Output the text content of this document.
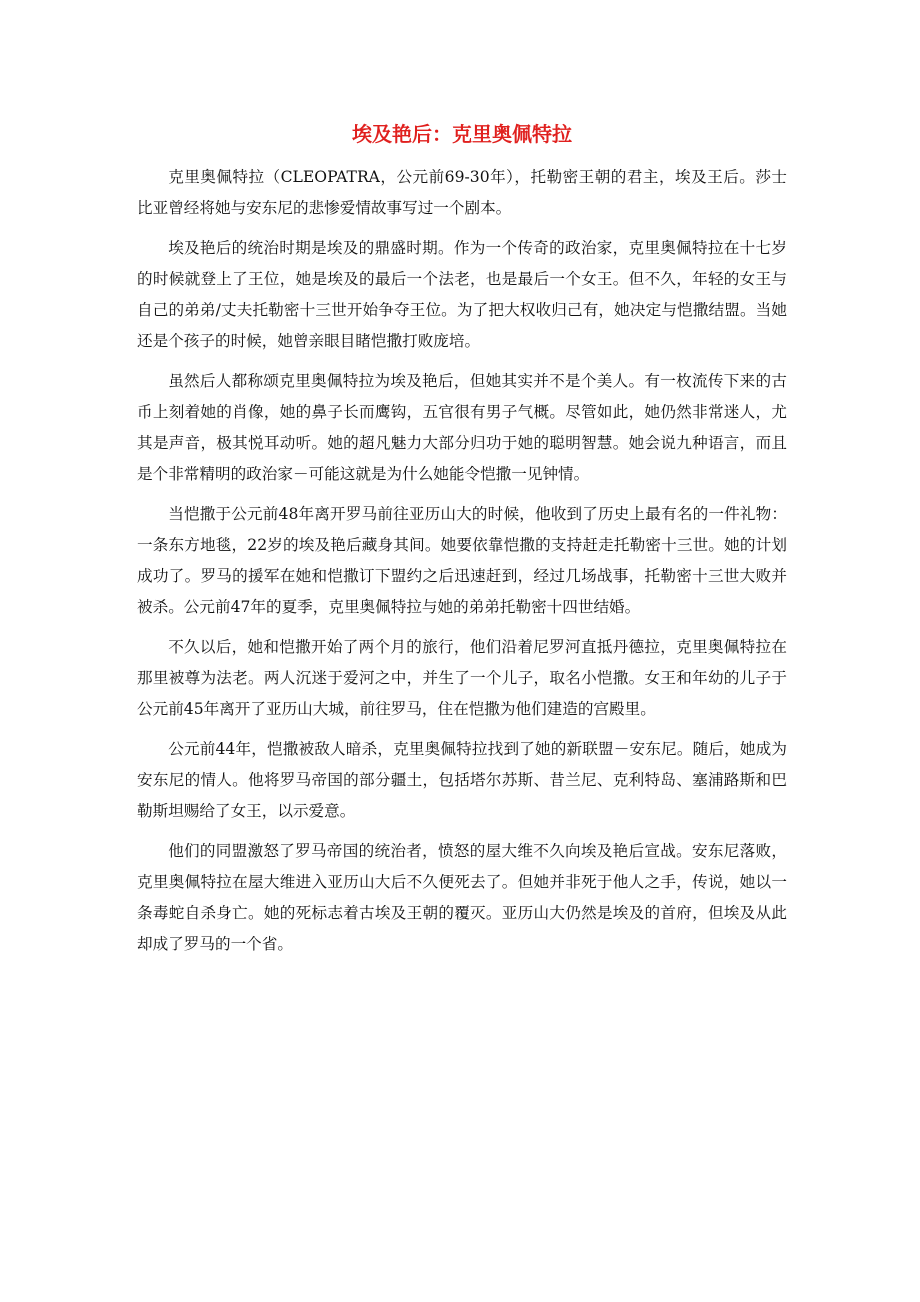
埃及艳后：克里奥佩特拉

克里奥佩特拉（CLEOPATRA，公元前69-30年），托勒密王朝的君主，埃及王后。莎士比亚曾经将她与安东尼的悲惨爱情故事写过一个剧本。

埃及艳后的统治时期是埃及的鼎盛时期。作为一个传奇的政治家，克里奥佩特拉在十七岁的时候就登上了王位，她是埃及的最后一个法老，也是最后一个女王。但不久，年轻的女王与自己的弟弟/丈夫托勒密十三世开始争夺王位。为了把大权收归己有，她决定与恺撒结盟。当她还是个孩子的时候，她曾亲眼目睹恺撒打败庞培。

虽然后人都称颂克里奥佩特拉为埃及艳后，但她其实并不是个美人。有一枚流传下来的古币上刻着她的肖像，她的鼻子长而鹰钩，五官很有男子气概。尽管如此，她仍然非常迷人，尤其是声音，极其悦耳动听。她的超凡魅力大部分归功于她的聪明智慧。她会说九种语言，而且是个非常精明的政治家－可能这就是为什么她能令恺撒一见钟情。

当恺撒于公元前48年离开罗马前往亚历山大的时候，他收到了历史上最有名的一件礼物：一条东方地毯，22岁的埃及艳后藏身其间。她要依靠恺撒的支持赶走托勒密十三世。她的计划成功了。罗马的援军在她和恺撒订下盟约之后迅速赶到，经过几场战事，托勒密十三世大败并被杀。公元前47年的夏季，克里奥佩特拉与她的弟弟托勒密十四世结婚。

不久以后，她和恺撒开始了两个月的旅行，他们沿着尼罗河直抵丹德拉，克里奥佩特拉在那里被尊为法老。两人沉迷于爱河之中，并生了一个儿子，取名小恺撒。女王和年幼的儿子于公元前45年离开了亚历山大城，前往罗马，住在恺撒为他们建造的宫殿里。

公元前44年，恺撒被敌人暗杀，克里奥佩特拉找到了她的新联盟－安东尼。随后，她成为安东尼的情人。他将罗马帝国的部分疆土，包括塔尔苏斯、昔兰尼、克利特岛、塞浦路斯和巴勒斯坦赐给了女王，以示爱意。

他们的同盟激怒了罗马帝国的统治者，愤怒的屋大维不久向埃及艳后宣战。安东尼落败，克里奥佩特拉在屋大维进入亚历山大后不久便死去了。但她并非死于他人之手，传说，她以一条毒蛇自杀身亡。她的死标志着古埃及王朝的覆灭。亚历山大仍然是埃及的首府，但埃及从此却成了罗马的一个省。
